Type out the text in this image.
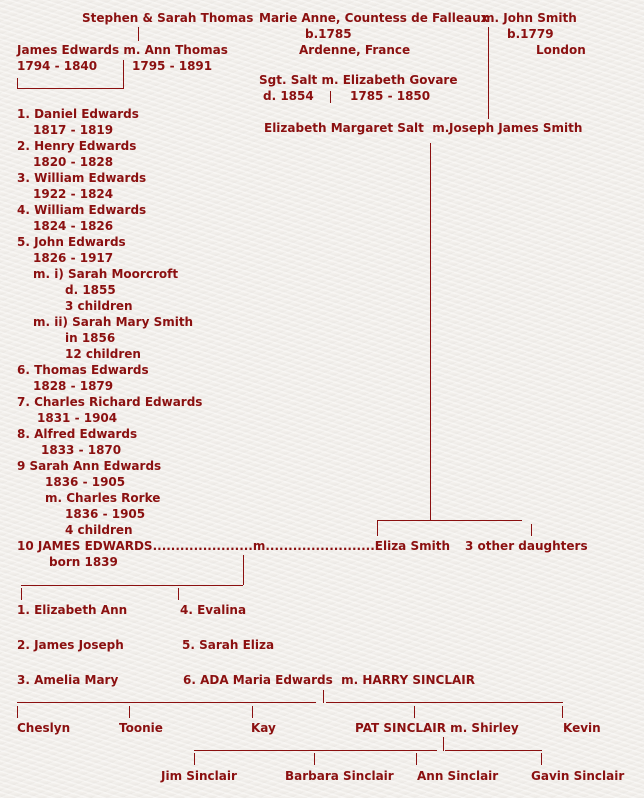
Stephen & Sarah Thomas Marie Anne, Countess de Falleaux
m. John Smith
b.1785	b.1779
Ardenne, France	London
James Edwards m. Ann Thomas
1794 - 1840	1795 - 1891
Sgt. Salt m. Elizabeth Govare
d. 1854	1785 - 1850
Elizabeth Margaret Salt  m. Joseph James Smith
1. Daniel Edwards
1817 - 1819
2. Henry Edwards
1820 - 1828
3. William Edwards
1922 - 1824
4. William Edwards
1824 - 1826
5. John Edwards
1826 - 1917
m. i) Sarah Moorcroft
d. 1855
3 children
m. ii) Sarah Mary Smith
in 1856
12 children
6. Thomas Edwards
1828 - 1879
7. Charles Richard Edwards
1831 - 1904
8. Alfred Edwards
1833 - 1870
9 Sarah Ann Edwards
1836 - 1905
m. Charles Rorke
1836 - 1905
4 children
10 JAMES EDWARDS......................m........................Eliza Smith 3 other daughters
born 1839
1. Elizabeth Ann	4. Evalina
2. James Joseph	5. Sarah Eliza
3. Amelia Mary	6. ADA Maria Edwards  m. HARRY SINCLAIR
Cheslyn	Toonie	Kay	PAT SINCLAIR m. Shirley	Kevin
Jim Sinclair	Barbara Sinclair Ann Sinclair	Gavin Sinclair
